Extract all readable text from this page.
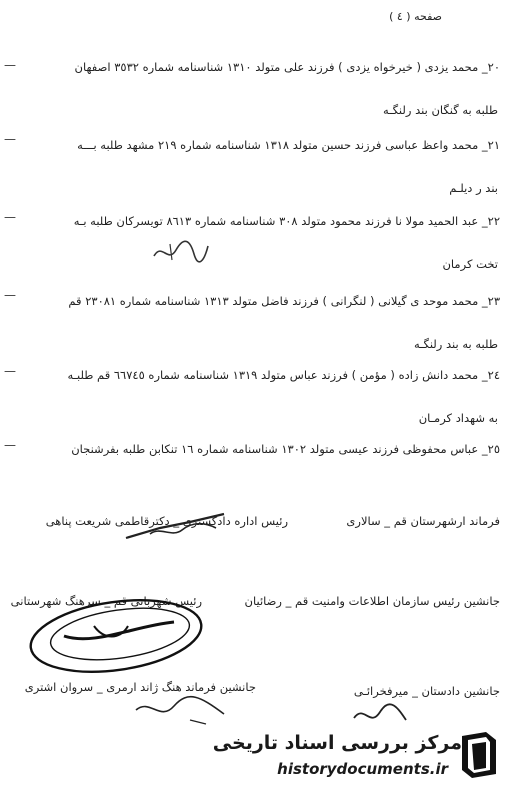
صفحه ( ٤ )
٢٠_ محمد یزدی ( خیرخواه یزدی ) فرزند علی متولد ١٣١٠ شناسنامه شماره ٣٥٣٢ اصفهان
طلبه به گنگان بند رلنگـه
٢١_ محمد واعظ عباسی فرزند حسین متولد ١٣١٨ شناسنامه شماره ٢١٩ مشهد طلبه بـــه
بند ر دیلـم
٢٢_ عبد الحمید مولا نا فرزند محمود متولد ٣٠٨ شناسنامه شماره ٨٦١٣ تویسرکان طلبه بـه
تخت کرمان
٢٣_ محمد موحد ی گیلانی ( لنگرانی ) فرزند فاضل متولد ١٣١٣ شناسنامه شماره ٢٣٠٨١ قم
طلبه به بند رلنگـه
٢٤_ محمد دانش زاده ( مؤمن ) فرزند عباس متولد ١٣١٩ شناسنامه شماره ٦٦٧٤٥ قم طلبـه
به شهداد کرمـان
٢٥_ عباس محفوظی فرزند عیسی متولد ١٣٠٢ شناسنامه شماره ١٦ تنکابن طلبه بفرشنجان
—
—
—
—
—
—
فرماند ارشهرستان قم _ سالاری
رئیس اداره دادگستری _ دکترقاطمی شریعت پناهی
جانشین رئیس سازمان اطلاعات وامنیت قم _ رضائیان
رئیس شهربانی قم _ سرهنگ شهرستانی
جانشین دادستان _ میرفخرائـی
جانشین فرماند هنگ ژاند ارمری _ سروان اشتری
مرکز بررسی اسناد تاریخی
historydocuments.ir
